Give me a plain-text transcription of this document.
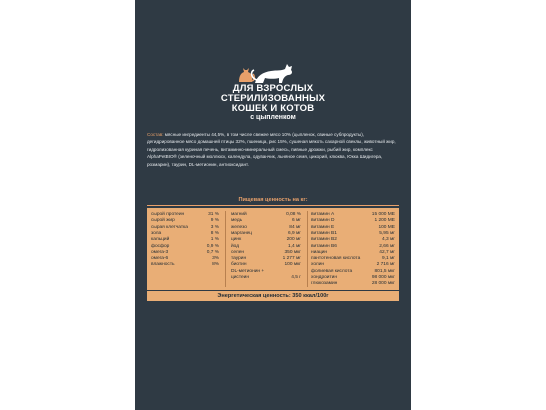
ДЛЯ ВЗРОСЛЫХ
СТЕРИЛИЗОВАННЫХ
КОШЕК И КОТОВ
с цыпленком
Состав: мясные ингредиенты 44,5%, в том числе свежее мясо 10% (цыпленок, свиные субпродукты), дегидрированное мясо домашней птицы 32%, пшеница, рис 15%, сушеная мякоть сахарной свеклы, животный жир, гидролизованная куриная печень, витаминно-минеральный смесь, пивные дрожжи, рыбий жир, комплекс AlphaPetBIO® (зеленочный моллюск, календула, одуванчик, льняное семя, цикорий, клюква, Юкка Шидигера, розмарин), таурин, DL-метионин, антиоксидант.
Пищевая ценность на кг:
сырой протеин	31 %
сырой жир	9 %
сырая клетчатка	3 %
зола	8 %
кальций	1 %
фосфор	0,9 %
омега-3	0,7 %
омега-6	3%
влажность	8%
магний	0,08 %
медь	6 мг
железо	84 мг
марганец	6,9 мг
цинк	200 мг
йод	1,4 мг
селен	350 мкг
таурин	1 277 мг
биотин	100 мкг
DL-метионин +
цистеин	4,5 г
витамин A	15 000 МЕ
витамин D	1 200 МЕ
витамин E	100 МЕ
витамин B1	5,95 мг
витамин B2	4,3 мг
витамин B6	2,66 мг
ниацин	42,7 мг
пантотеновая кислота	9,1 мг
холин	2 716 мг
фолиевая кислота	801,5 мкг
хондроитин	98 000 мкг
глюкозамин	28 000 мкг
Энергетическая ценность: 350 ккал/100г
